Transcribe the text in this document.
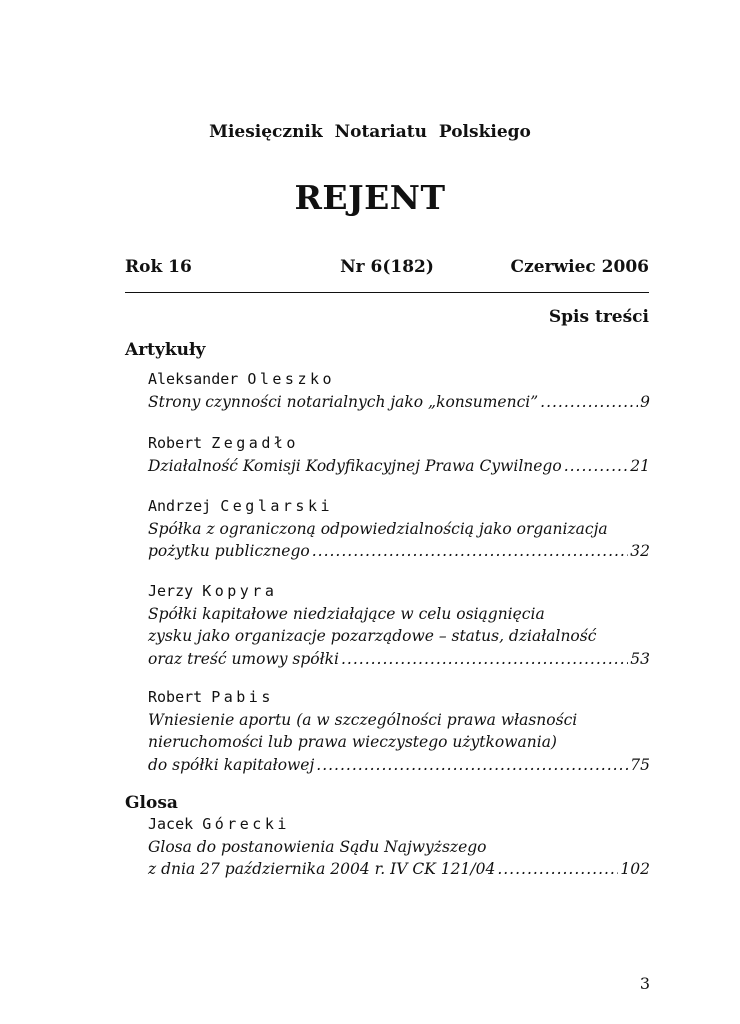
Miesięcznik Notariatu Polskiego
REJENT
Rok 16	Nr 6(182)	Czerwiec 2006
Spis treści
Artykuły
Aleksander Oleszko
Strony czynności notarialnych jako „konsumenci” .....	9
Robert Zegadło
Działalność Komisji Kodyfikacyjnej Prawa Cywilnego .....	21
Andrzej Ceglarski
Spółka z ograniczoną odpowiedzialnością jako organizacja
pożytku publicznego .....	32
Jerzy Kopyra
Spółki kapitałowe niedziałające w celu osiągnięcia
zysku jako organizacje pozarządowe – status, działalność
oraz treść umowy spółki .....	53
Robert Pabis
Wniesienie aportu (a w szczególności prawa własności
nieruchomości lub prawa wieczystego użytkowania)
do spółki kapitałowej .....	75
Glosa
Jacek Górecki
Glosa do postanowienia Sądu Najwyższego
z dnia 27 października 2004 r. IV CK 121/04 .....	102
3
